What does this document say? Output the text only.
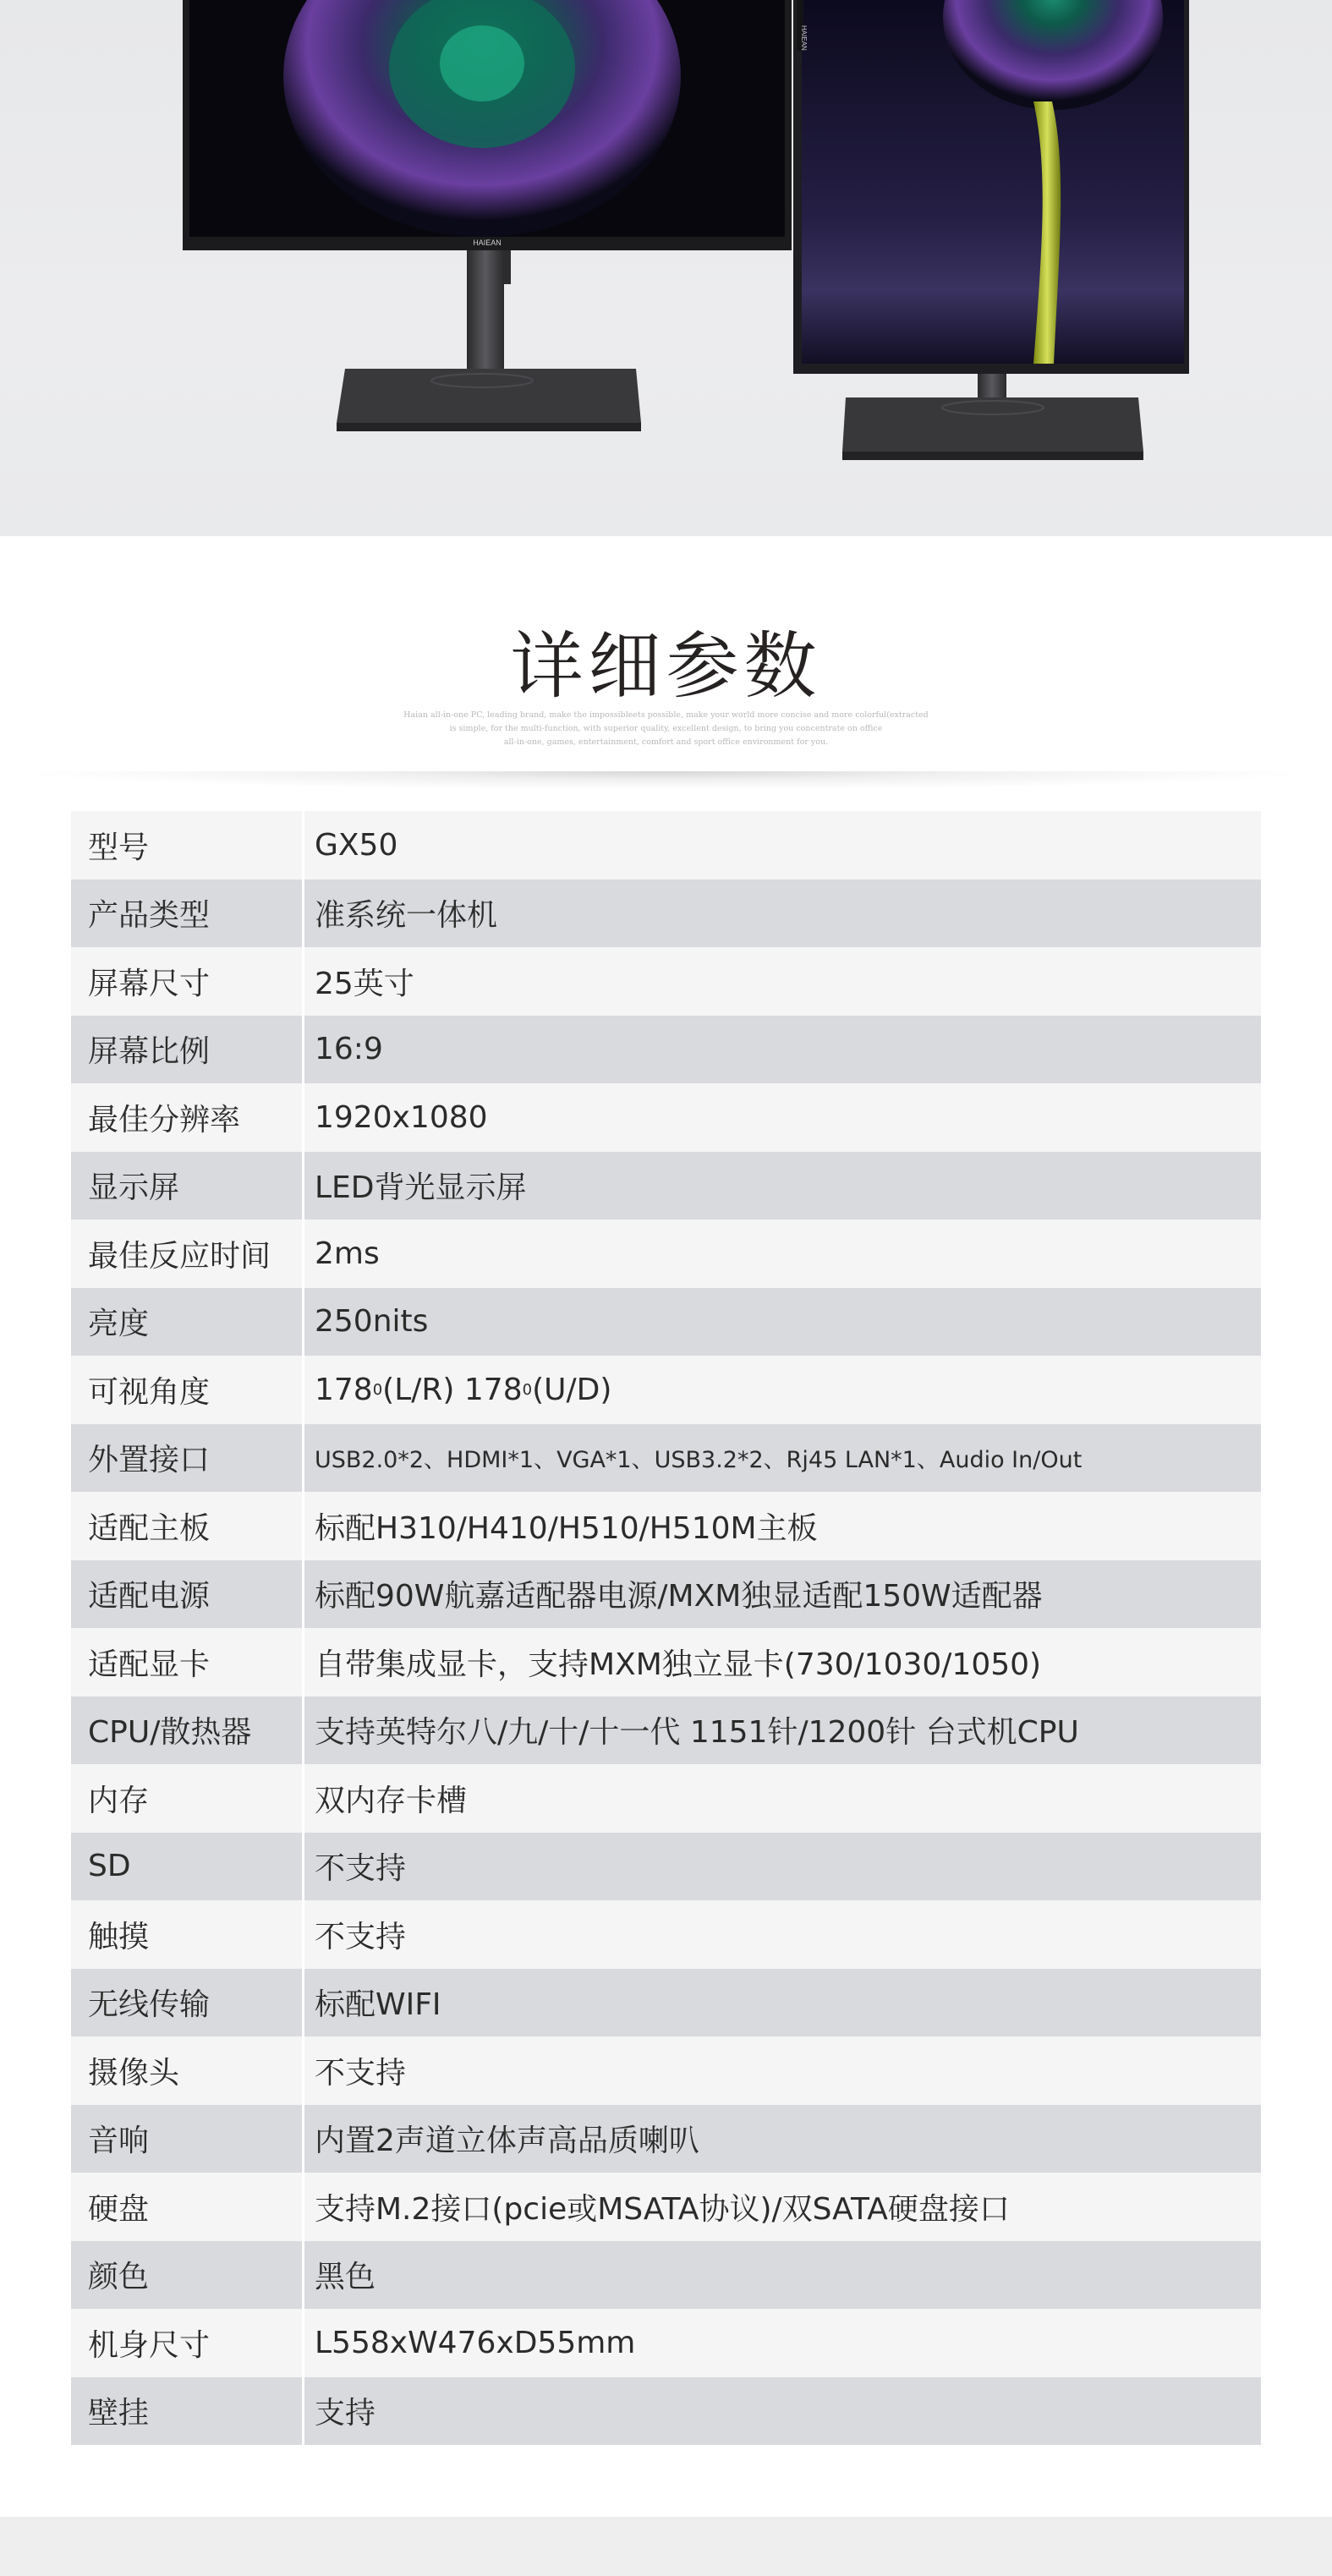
HAIEAN
HAIEAN
详细参数
Haian all-in-one PC, leading brand, make the impossibleets possible, make your world more concise and more colorful(extracted
is simple, for the multi-function, with superior quality, excellent design, to bring you concentrate on office
all-in-one, games, entertainment, comfort and sport office environment for you.
型号	GX50
产品类型	准系统一体机
屏幕尺寸	25英寸
屏幕比例	16:9
最佳分辨率	1920x1080
显示屏	LED背光显示屏
最佳反应时间	2ms
亮度	250nits
可视角度	178 0 (L/R) 178 0 (U/D)
外置接口	USB2.0*2、HDMI*1、VGA*1、USB3.2*2、Rj45 LAN*1、Audio In/Out
适配主板	标配H310/H410/H510/H510M主板
适配电源	标配90W航嘉适配器电源/MXM独显适配150W适配器
适配显卡	自带集成显卡，支持MXM独立显卡(730/1030/1050)
CPU/散热器	支持英特尔八/九/十/十一代 1151针/1200针 台式机CPU
内存	双内存卡槽
SD	不支持
触摸	不支持
无线传输	标配WIFI
摄像头	不支持
音响	内置2声道立体声高品质喇叭
硬盘	支持M.2接口(pcie或MSATA协议)/双SATA硬盘接口
颜色	黑色
机身尺寸	L558xW476xD55mm
壁挂	支持
